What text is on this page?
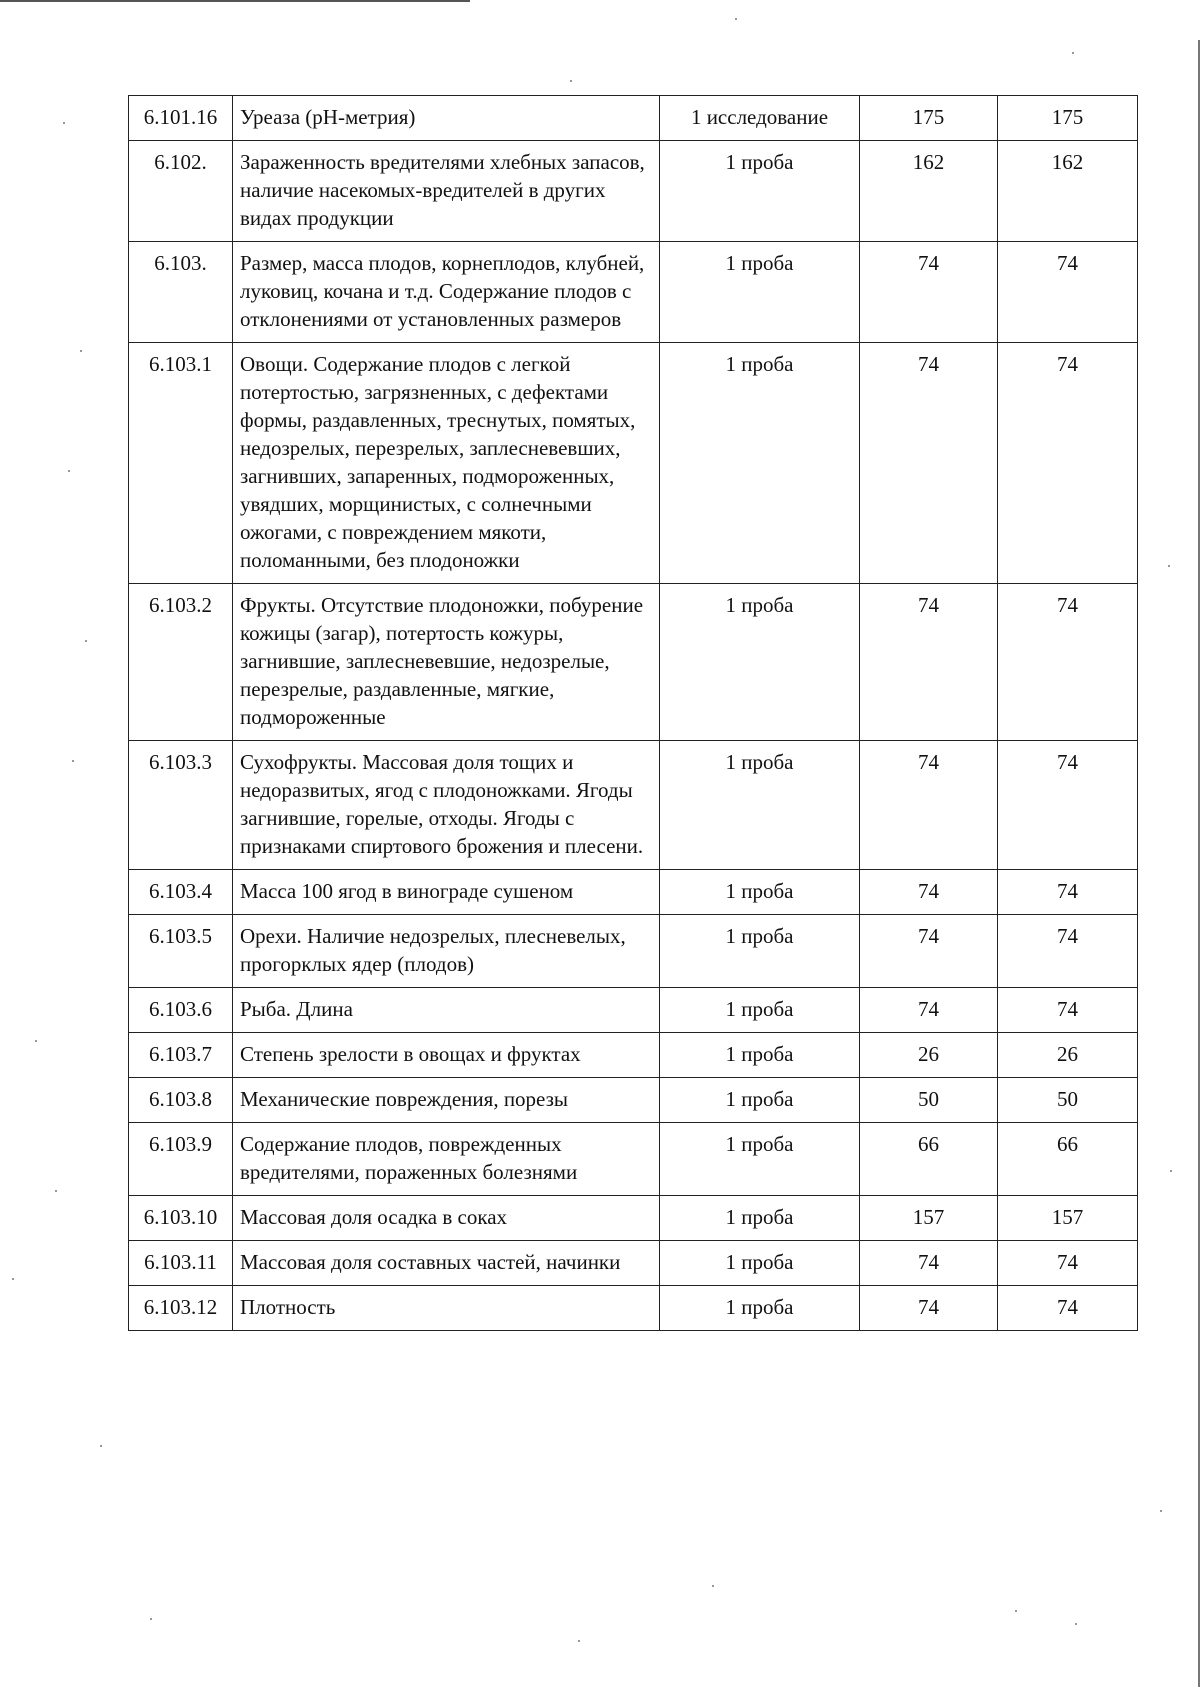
6.101.16	Уреаза (рН-метрия)	1 исследование	175	175
6.102.	Зараженность вредителями хлебных запасов, наличие насекомых-вредителей в других видах продукции	1 проба	162	162
6.103.	Размер, масса плодов, корнеплодов, клубней, луковиц, кочана и т.д. Содержание плодов с отклонениями от установленных размеров	1 проба	74	74
6.103.1	Овощи. Содержание плодов с легкой потертостью, загрязненных, с дефектами формы, раздавленных, треснутых, помятых, недозрелых, перезрелых, заплесневевших, загнивших, запаренных, подмороженных, увядших, морщинистых, с солнечными ожогами, с повреждением мякоти, поломанными, без плодоножки	1 проба	74	74
6.103.2	Фрукты. Отсутствие плодоножки, побурение кожицы (загар), потертость кожуры, загнившие, заплесневевшие, недозрелые, перезрелые, раздавленные, мягкие, подмороженные	1 проба	74	74
6.103.3	Сухофрукты. Массовая доля тощих и недоразвитых, ягод с плодоножками. Ягоды загнившие, горелые, отходы. Ягоды с признаками спиртового брожения и плесени.	1 проба	74	74
6.103.4	Масса 100 ягод в винограде сушеном	1 проба	74	74
6.103.5	Орехи. Наличие недозрелых, плесневелых, прогорклых ядер (плодов)	1 проба	74	74
6.103.6	Рыба. Длина	1 проба	74	74
6.103.7	Степень зрелости в овощах и фруктах	1 проба	26	26
6.103.8	Механические повреждения, порезы	1 проба	50	50
6.103.9	Содержание плодов, поврежденных вредителями, пораженных болезнями	1 проба	66	66
6.103.10	Массовая доля осадка в соках	1 проба	157	157
6.103.11	Массовая доля составных частей, начинки	1 проба	74	74
6.103.12	Плотность	1 проба	74	74
